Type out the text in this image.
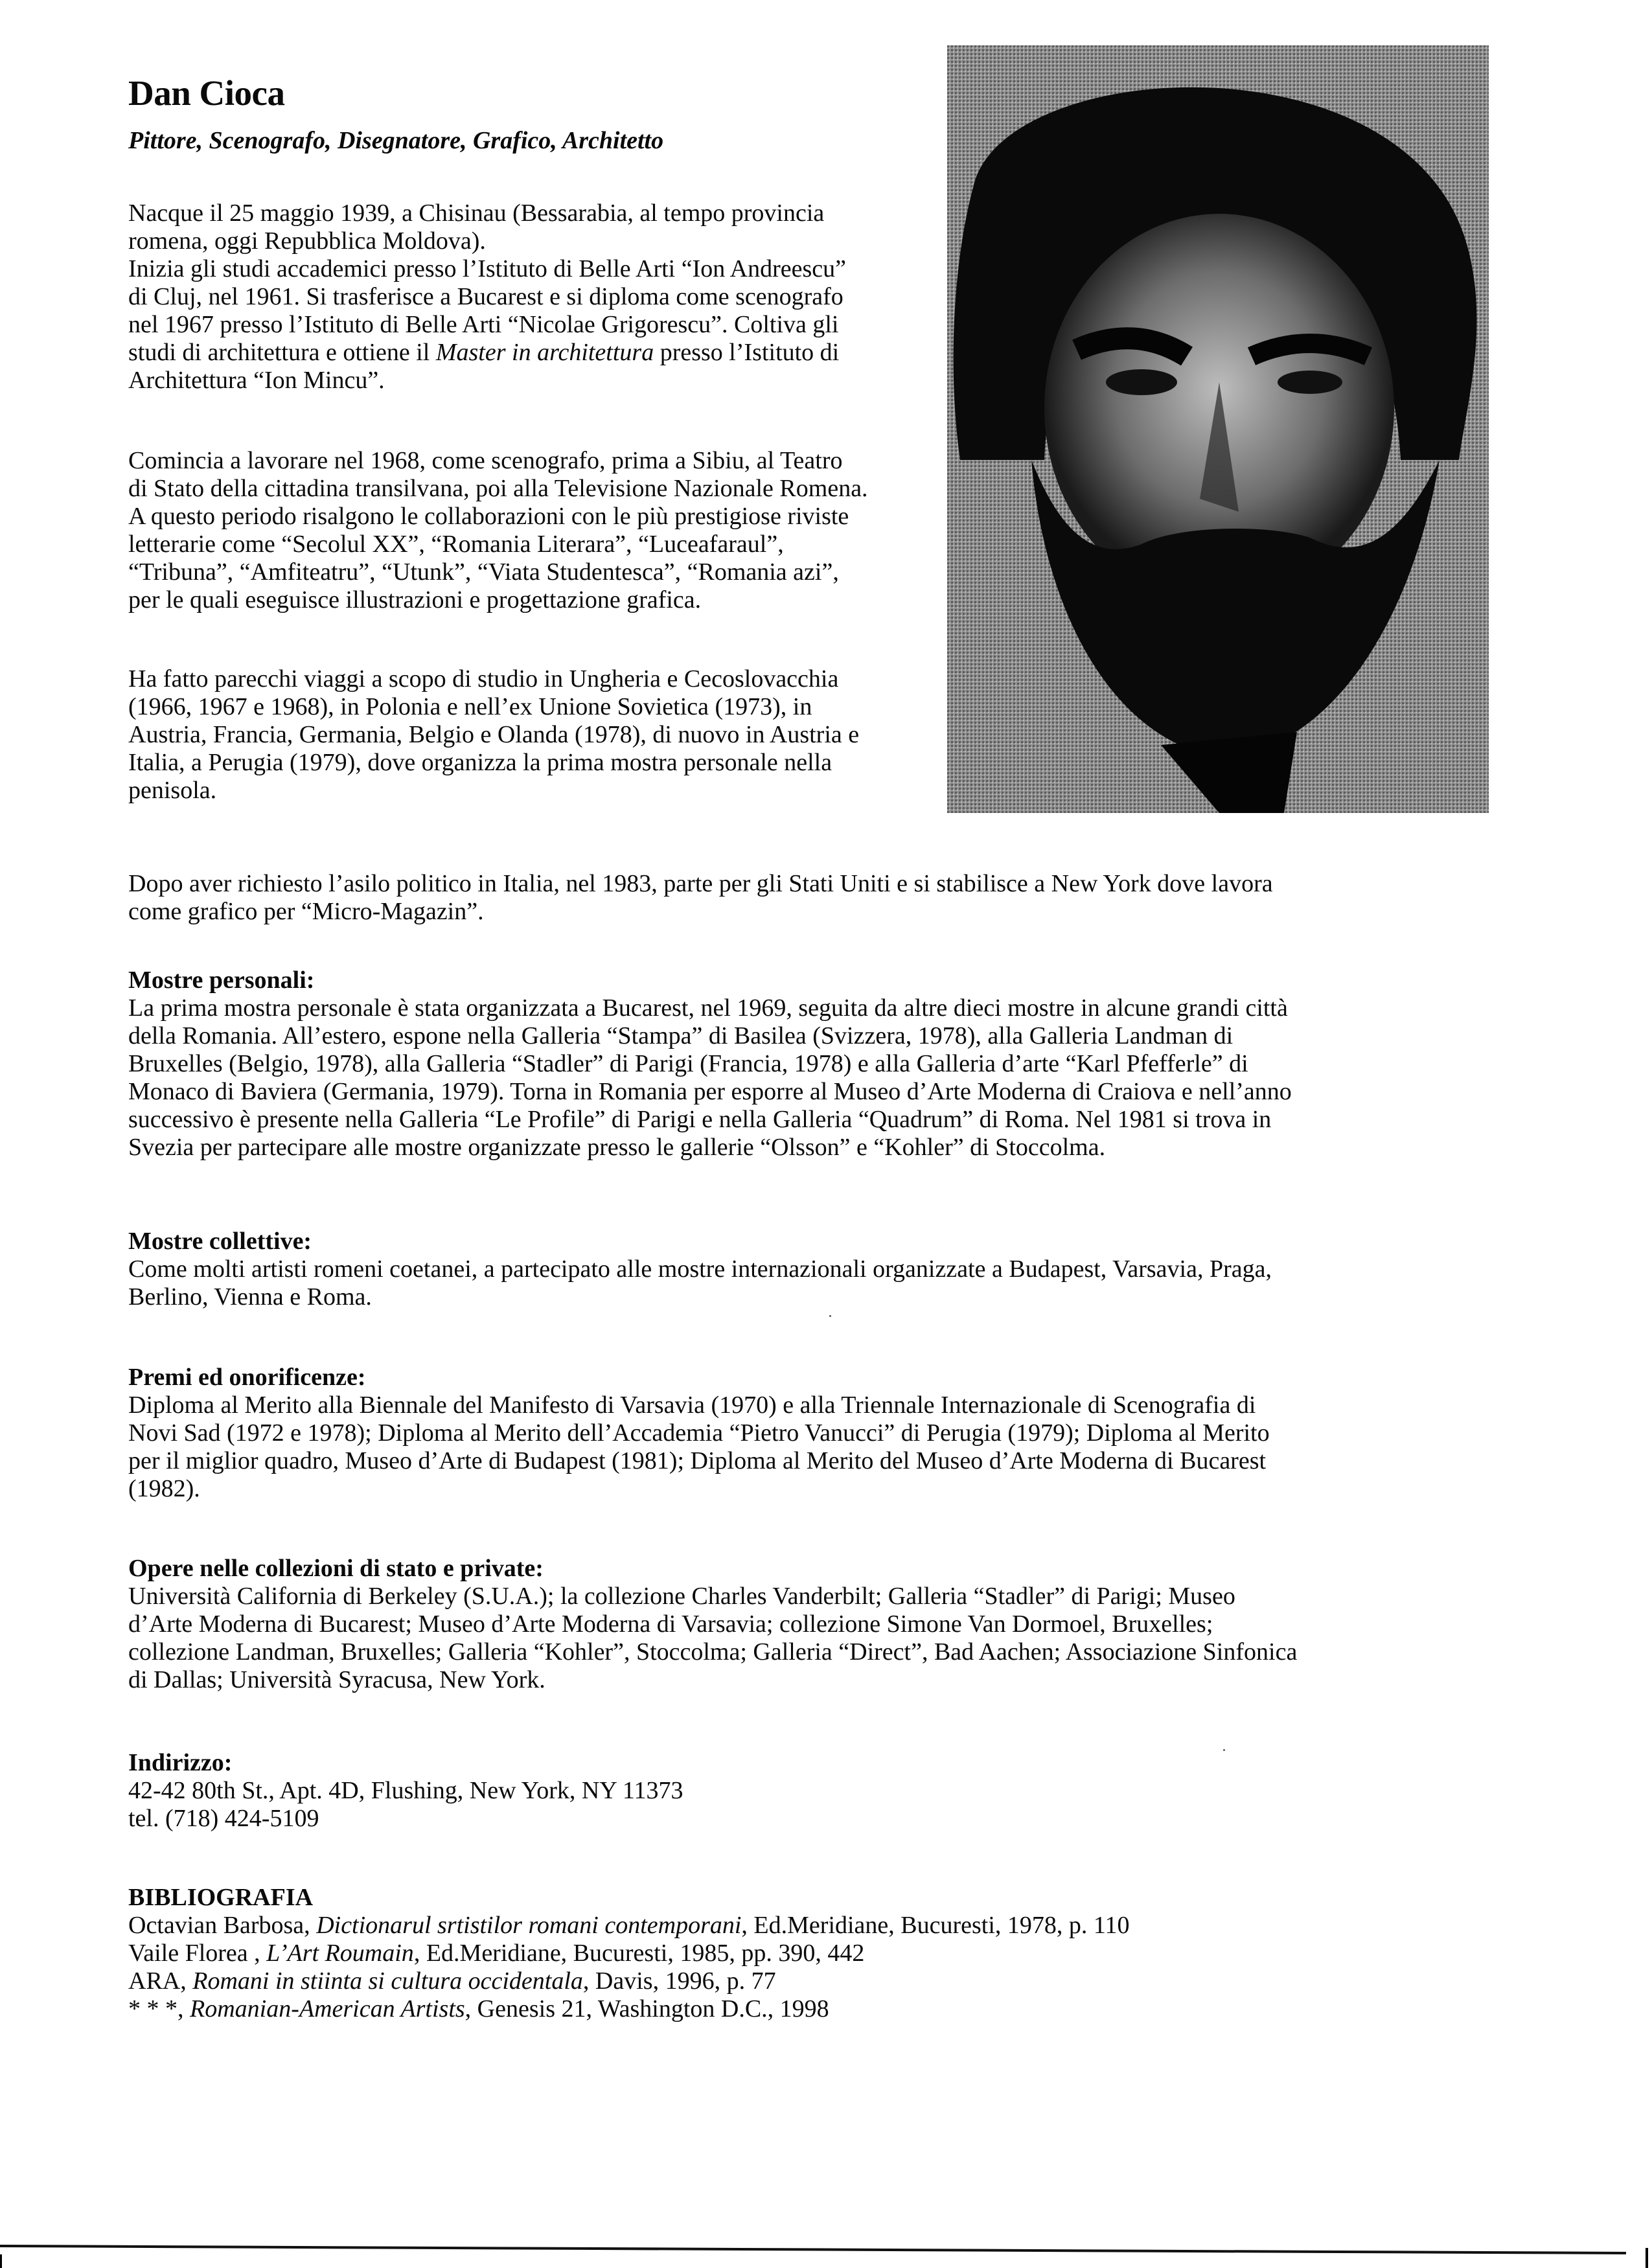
Dan Cioca

Pittore, Scenografo, Disegnatore, Grafico, Architetto

Nacque il 25 maggio 1939, a Chisinau (Bessarabia, al tempo provincia
romena, oggi Repubblica Moldova).
Inizia gli studi accademici presso l’Istituto di Belle Arti “Ion Andreescu”
di Cluj, nel 1961. Si trasferisce a Bucarest e si diploma come scenografo
nel 1967 presso l’Istituto di Belle Arti “Nicolae Grigorescu”. Coltiva gli
studi di architettura e ottiene il Master in architettura presso l’Istituto di
Architettura “Ion Mincu”.

Comincia a lavorare nel 1968, come scenografo, prima a Sibiu, al Teatro
di Stato della cittadina transilvana, poi alla Televisione Nazionale Romena.
A questo periodo risalgono le collaborazioni con le più prestigiose riviste
letterarie come “Secolul XX”, “Romania Literara”, “Luceafaraul”,
“Tribuna”, “Amfiteatru”, “Utunk”, “Viata Studentesca”, “Romania azi”,
per le quali eseguisce illustrazioni e progettazione grafica.

Ha fatto parecchi viaggi a scopo di studio in Ungheria e Cecoslovacchia
(1966, 1967 e 1968), in Polonia e nell’ex Unione Sovietica (1973), in
Austria, Francia, Germania, Belgio e Olanda (1978), di nuovo in Austria e
Italia, a Perugia (1979), dove organizza la prima mostra personale nella
penisola.

Dopo aver richiesto l’asilo politico in Italia, nel 1983, parte per gli Stati Uniti e si stabilisce a New York dove lavora
come grafico per “Micro-Magazin”.

Mostre personali:
La prima mostra personale è stata organizzata a Bucarest, nel 1969, seguita da altre dieci mostre in alcune grandi città
della Romania. All’estero, espone nella Galleria “Stampa” di Basilea (Svizzera, 1978), alla Galleria Landman di
Bruxelles (Belgio, 1978), alla Galleria “Stadler” di Parigi (Francia, 1978) e alla Galleria d’arte “Karl Pfefferle” di
Monaco di Baviera (Germania, 1979). Torna in Romania per esporre al Museo d’Arte Moderna di Craiova e nell’anno
successivo è presente nella Galleria “Le Profile” di Parigi e nella Galleria “Quadrum” di Roma. Nel 1981 si trova in
Svezia per partecipare alle mostre organizzate presso le gallerie “Olsson” e “Kohler” di Stoccolma.
Mostre collettive:
Come molti artisti romeni coetanei, a partecipato alle mostre internazionali organizzate a Budapest, Varsavia, Praga,
Berlino, Vienna e Roma.
Premi ed onorificenze:
Diploma al Merito alla Biennale del Manifesto di Varsavia (1970) e alla Triennale Internazionale di Scenografia di
Novi Sad (1972 e 1978); Diploma al Merito dell’Accademia “Pietro Vanucci” di Perugia (1979); Diploma al Merito
per il miglior quadro, Museo d’Arte di Budapest (1981); Diploma al Merito del Museo d’Arte Moderna di Bucarest
(1982).
Opere nelle collezioni di stato e private:
Università California di Berkeley (S.U.A.); la collezione Charles Vanderbilt; Galleria “Stadler” di Parigi; Museo
d’Arte Moderna di Bucarest; Museo d’Arte Moderna di Varsavia; collezione Simone Van Dormoel, Bruxelles;
collezione Landman, Bruxelles; Galleria “Kohler”, Stoccolma; Galleria “Direct”, Bad Aachen; Associazione Sinfonica
di Dallas; Università Syracusa, New York.
Indirizzo:
42-42 80th St., Apt. 4D, Flushing, New York, NY 11373
tel. (718) 424-5109
BIBLIOGRAFIA
Octavian Barbosa, Dictionarul srtistilor romani contemporani, Ed.Meridiane, Bucuresti, 1978, p. 110
Vaile Florea , L’Art Roumain, Ed.Meridiane, Bucuresti, 1985, pp. 390, 442
ARA, Romani in stiinta si cultura occidentala, Davis, 1996, p. 77
* * *, Romanian-American Artists, Genesis 21, Washington D.C., 1998
